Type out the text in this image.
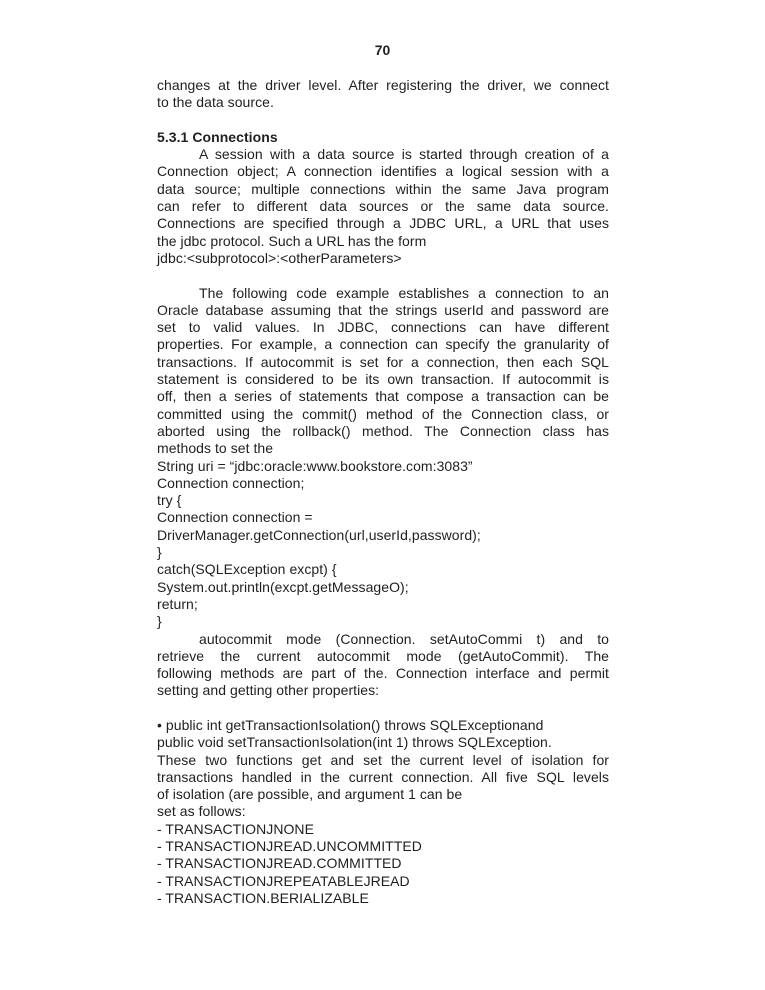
70
changes at the driver level. After registering the driver, we connect
to the data source.
5.3.1 Connections
A session with a data source is started through creation of a
Connection object; A connection identifies a logical session with a
data source; multiple connections within the same Java program
can refer to different data sources or the same data source.
Connections are specified through a JDBC URL, a URL that uses
the jdbc protocol. Such a URL has the form
jdbc:<subprotocol>:<otherParameters>
The following code example establishes a connection to an
Oracle database assuming that the strings userId and password are
set to valid values. In JDBC, connections can have different
properties. For example, a connection can specify the granularity of
transactions. If autocommit is set for a connection, then each SQL
statement is considered to be its own transaction. If autocommit is
off, then a series of statements that compose a transaction can be
committed using the commit() method of the Connection class, or
aborted using the rollback() method. The Connection class has
methods to set the
String uri = “jdbc:oracle:www.bookstore.com:3083”
Connection connection;
try {
Connection connection =
DriverManager.getConnection(url,userId,password);
}
catch(SQLException excpt) {
System.out.println(excpt.getMessageO);
return;
}
autocommit mode (Connection. setAutoCommi t) and to
retrieve the current autocommit mode (getAutoCommit). The
following methods are part of the. Connection interface and permit
setting and getting other properties:
• public int getTransactionIsolation() throws SQLExceptionand
public void setTransactionIsolation(int 1) throws SQLException.
These two functions get and set the current level of isolation for
transactions handled in the current connection. All five SQL levels
of isolation (are possible, and argument 1 can be
set as follows:
- TRANSACTIONJNONE
- TRANSACTIONJREAD.UNCOMMITTED
- TRANSACTIONJREAD.COMMITTED
- TRANSACTIONJREPEATABLEJREAD
- TRANSACTION.BERIALIZABLE
